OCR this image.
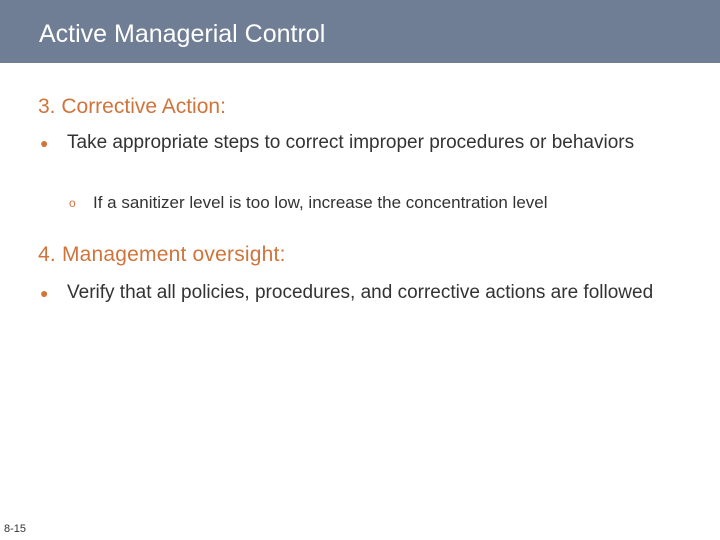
Active Managerial Control
3. Corrective Action:
● Take appropriate steps to correct improper procedures or behaviors
o If a sanitizer level is too low, increase the concentration level
4. Management oversight:
● Verify that all policies, procedures, and corrective actions are followed
8-15
